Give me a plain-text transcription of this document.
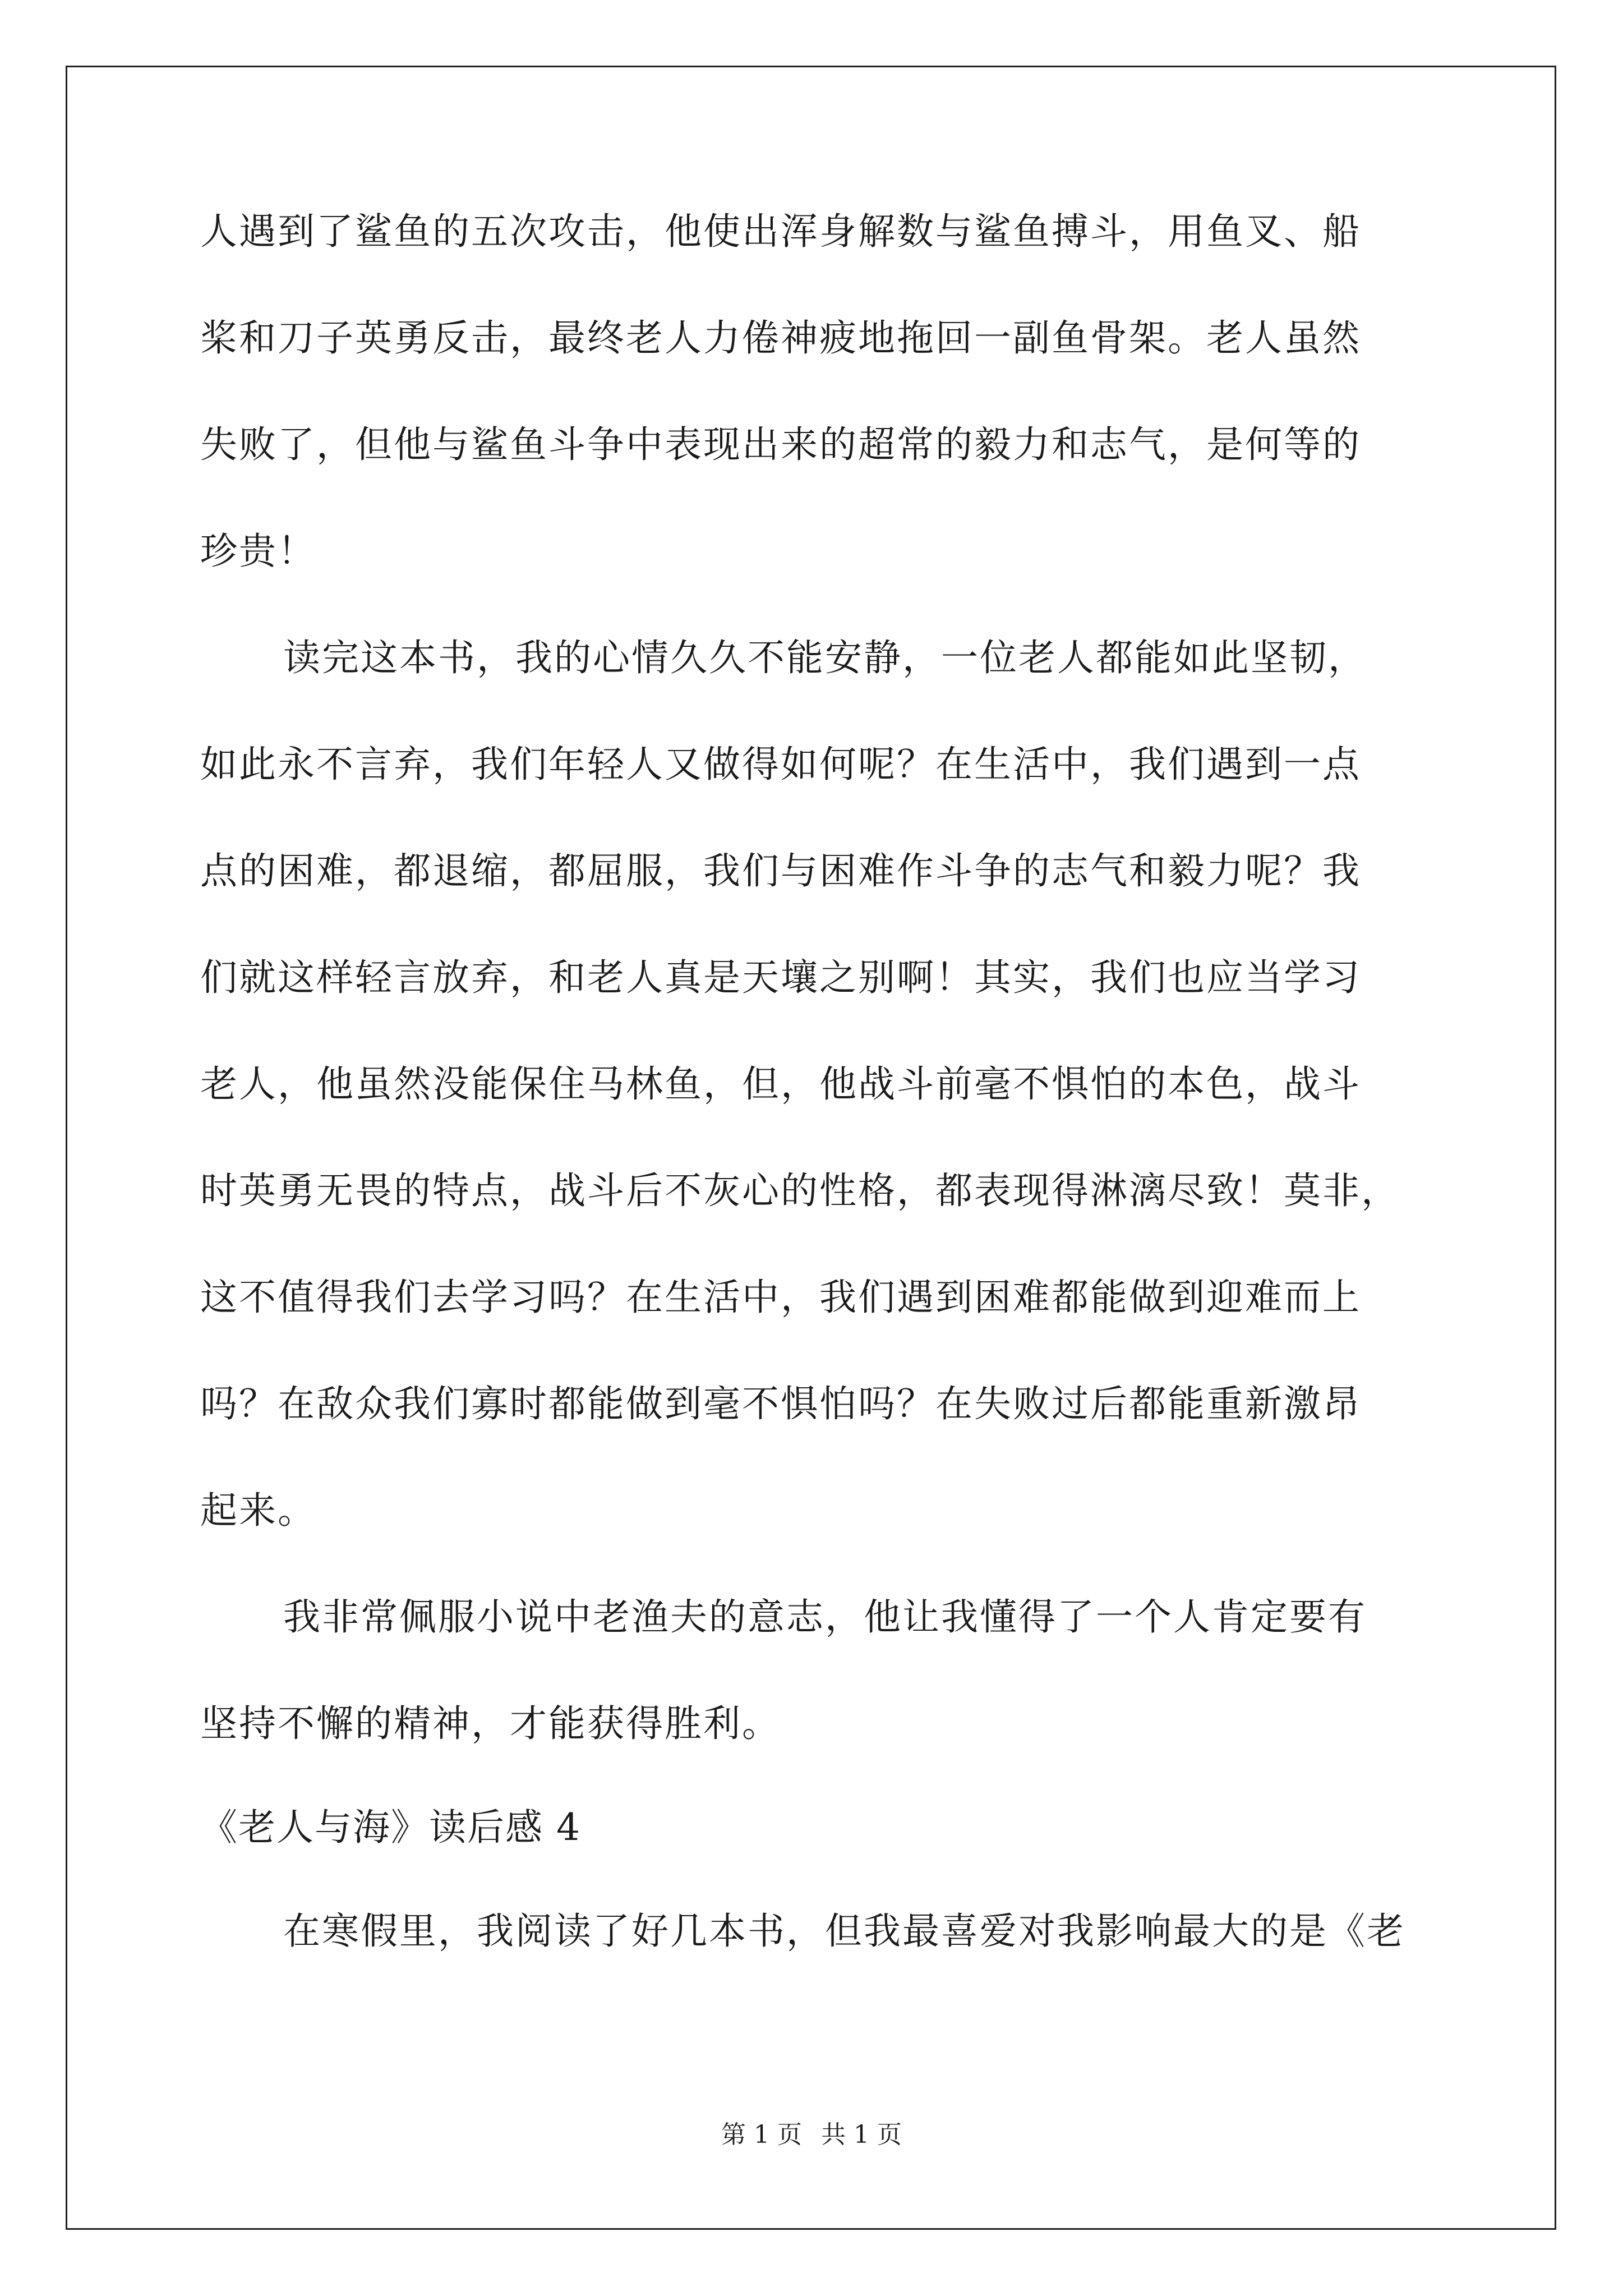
人遇到了鲨鱼的五次攻击，他使出浑身解数与鲨鱼搏斗，用鱼叉、船
桨和刀子英勇反击，最终老人力倦神疲地拖回一副鱼骨架。老人虽然
失败了，但他与鲨鱼斗争中表现出来的超常的毅力和志气，是何等的
珍贵！
读完这本书，我的心情久久不能安静，一位老人都能如此坚韧，
如此永不言弃，我们年轻人又做得如何呢？在生活中，我们遇到一点
点的困难，都退缩，都屈服，我们与困难作斗争的志气和毅力呢？我
们就这样轻言放弃，和老人真是天壤之别啊！其实，我们也应当学习
老人，他虽然没能保住马林鱼，但，他战斗前毫不惧怕的本色，战斗
时英勇无畏的特点，战斗后不灰心的性格，都表现得淋漓尽致！莫非，
这不值得我们去学习吗？在生活中，我们遇到困难都能做到迎难而上
吗？在敌众我们寡时都能做到毫不惧怕吗？在失败过后都能重新激昂
起来。
我非常佩服小说中老渔夫的意志，他让我懂得了一个人肯定要有
坚持不懈的精神，才能获得胜利。
《老人与海》读后感 4
在寒假里，我阅读了好几本书，但我最喜爱对我影响最大的是《老
第 1 页 共 1 页
